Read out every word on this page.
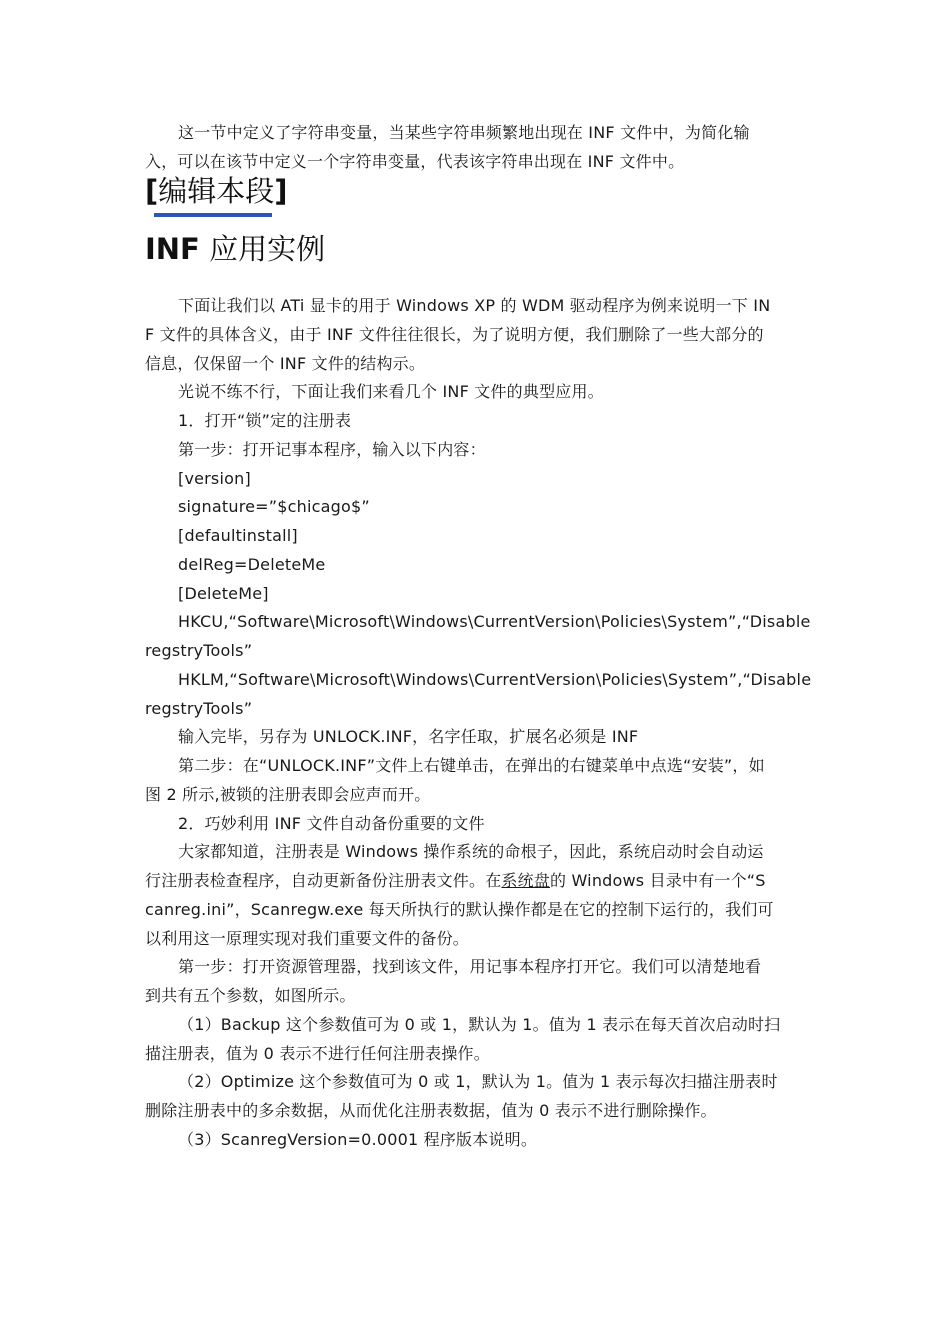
这一节中定义了字符串变量，当某些字符串频繁地出现在 INF 文件中，为简化输
入，可以在该节中定义一个字符串变量，代表该字符串出现在 INF 文件中。
[编辑本段]
INF 应用实例
下面让我们以 ATi 显卡的用于 Windows XP 的 WDM 驱动程序为例来说明一下 IN
F 文件的具体含义，由于 INF 文件往往很长，为了说明方便，我们删除了一些大部分的
信息，仅保留一个 INF 文件的结构示。
光说不练不行，下面让我们来看几个 INF 文件的典型应用。
1．打开“锁”定的注册表
第一步：打开记事本程序，输入以下内容：
[version]
signature=”$chicago$”
[defaultinstall]
delReg=DeleteMe
[DeleteMe]
HKCU,“Software\Microsoft\Windows\CurrentVersion\Policies\System”,“Disable
regstryTools”
HKLM,“Software\Microsoft\Windows\CurrentVersion\Policies\System”,“Disable
regstryTools”
输入完毕，另存为 UNLOCK.INF，名字任取，扩展名必须是 INF
第二步：在“UNLOCK.INF”文件上右键单击，在弹出的右键菜单中点选“安装”，如
图 2 所示,被锁的注册表即会应声而开。
2．巧妙利用 INF 文件自动备份重要的文件
大家都知道，注册表是 Windows 操作系统的命根子，因此，系统启动时会自动运
行注册表检查程序，自动更新备份注册表文件。在系统盘的 Windows 目录中有一个“S
canreg.ini”，Scanregw.exe 每天所执行的默认操作都是在它的控制下运行的，我们可
以利用这一原理实现对我们重要文件的备份。
第一步：打开资源管理器，找到该文件，用记事本程序打开它。我们可以清楚地看
到共有五个参数，如图所示。
（1）Backup 这个参数值可为 0 或 1，默认为 1。值为 1 表示在每天首次启动时扫
描注册表，值为 0 表示不进行任何注册表操作。
（2）Optimize 这个参数值可为 0 或 1，默认为 1。值为 1 表示每次扫描注册表时
删除注册表中的多余数据，从而优化注册表数据，值为 0 表示不进行删除操作。
（3）ScanregVersion=0.0001 程序版本说明。
